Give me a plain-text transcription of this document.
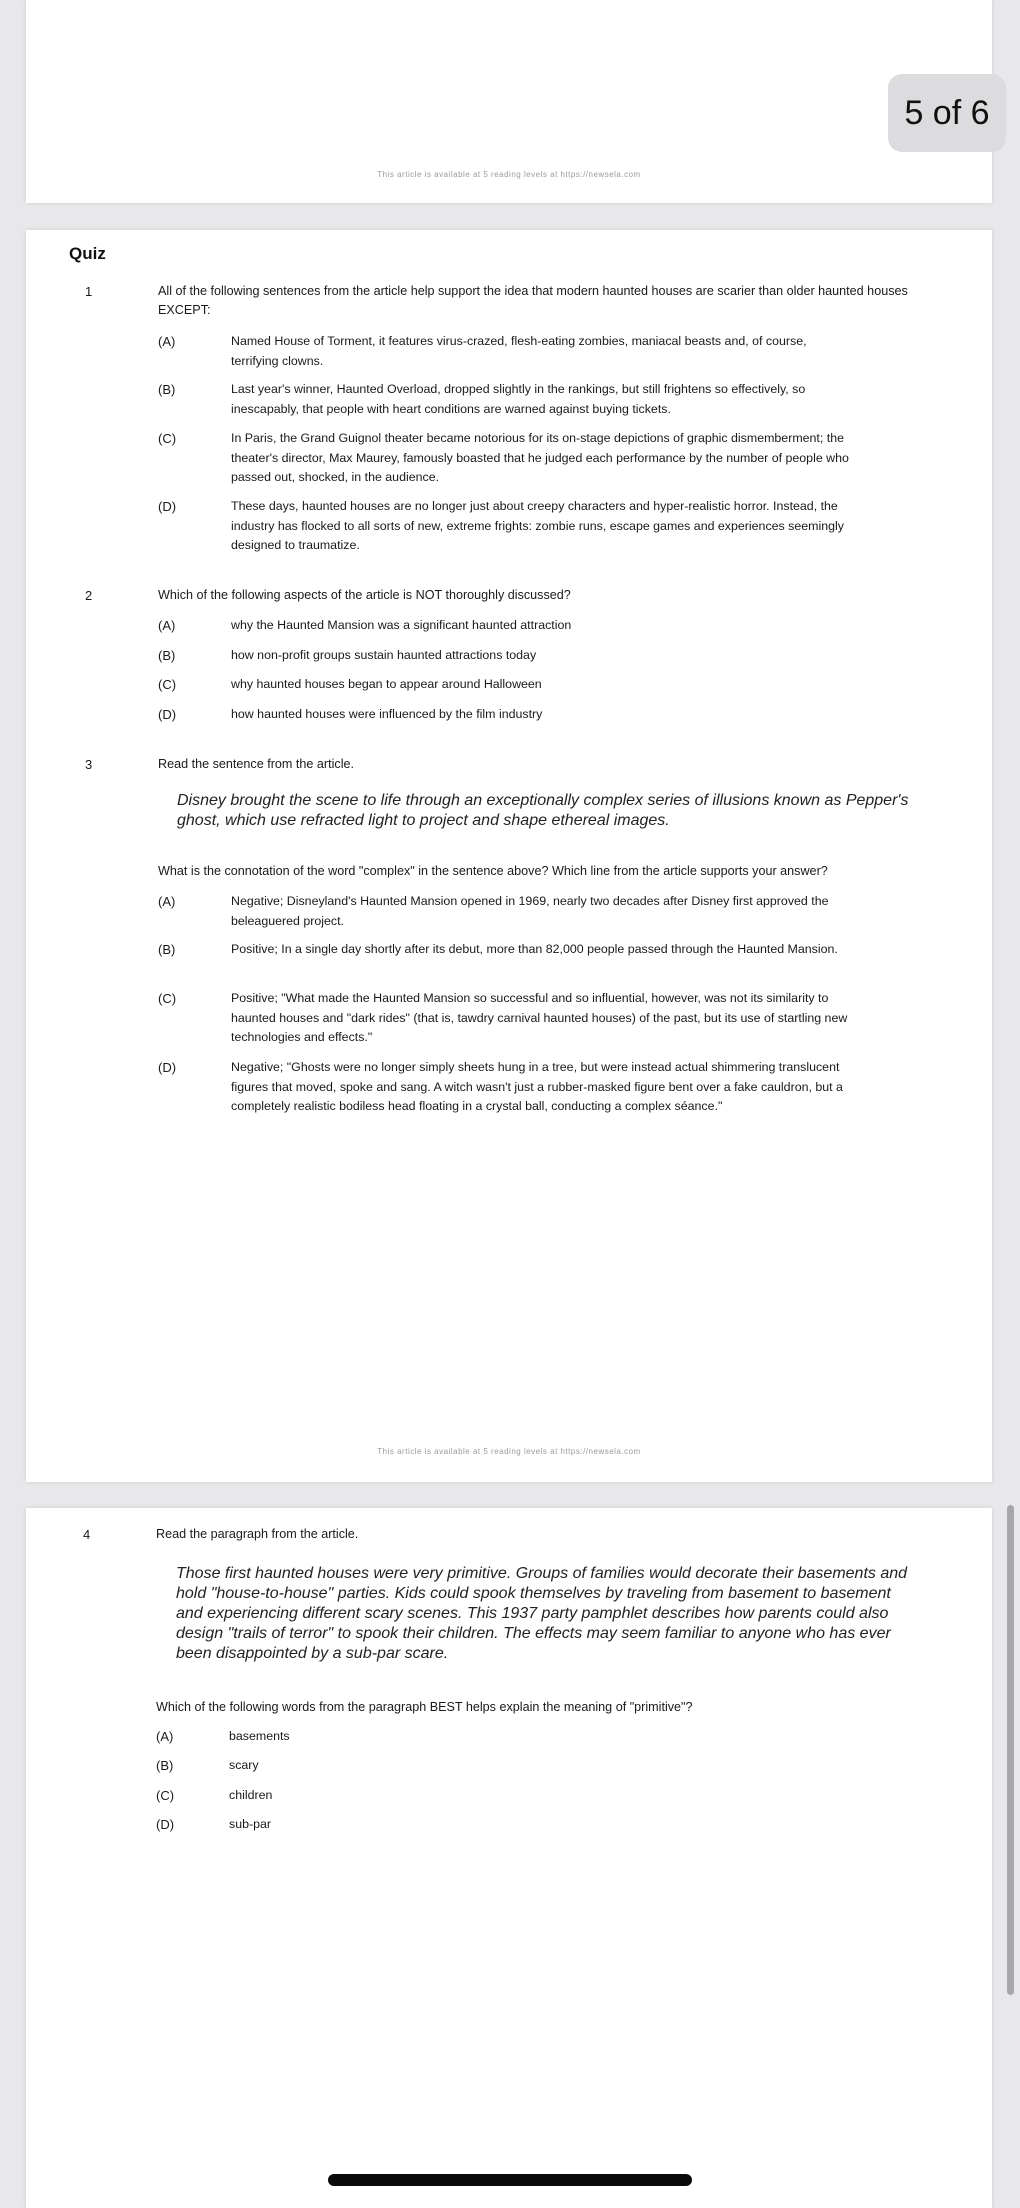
This article is available at 5 reading levels at https://newsela.com
5 of 6
Quiz
1	All of the following sentences from the article help support the idea that modern haunted houses are scarier than older haunted houses EXCEPT:
(A)	Named House of Torment, it features virus-crazed, flesh-eating zombies, maniacal beasts and, of course, terrifying clowns.
(B)	Last year's winner, Haunted Overload, dropped slightly in the rankings, but still frightens so effectively, so inescapably, that people with heart conditions are warned against buying tickets.
(C)	In Paris, the Grand Guignol theater became notorious for its on-stage depictions of graphic dismemberment; the theater's director, Max Maurey, famously boasted that he judged each performance by the number of people who passed out, shocked, in the audience.
(D)	These days, haunted houses are no longer just about creepy characters and hyper-realistic horror. Instead, the industry has flocked to all sorts of new, extreme frights: zombie runs, escape games and experiences seemingly designed to traumatize.
2	Which of the following aspects of the article is NOT thoroughly discussed?
(A)	why the Haunted Mansion was a significant haunted attraction
(B)	how non-profit groups sustain haunted attractions today
(C)	why haunted houses began to appear around Halloween
(D)	how haunted houses were influenced by the film industry
3	Read the sentence from the article.
Disney brought the scene to life through an exceptionally complex series of illusions known as Pepper's ghost, which use refracted light to project and shape ethereal images.
What is the connotation of the word "complex" in the sentence above? Which line from the article supports your answer?
(A)	Negative; Disneyland's Haunted Mansion opened in 1969, nearly two decades after Disney first approved the beleaguered project.
(B)	Positive; In a single day shortly after its debut, more than 82,000 people passed through the Haunted Mansion.
(C)	Positive; "What made the Haunted Mansion so successful and so influential, however, was not its similarity to haunted houses and "dark rides" (that is, tawdry carnival haunted houses) of the past, but its use of startling new technologies and effects."
(D)	Negative; "Ghosts were no longer simply sheets hung in a tree, but were instead actual shimmering translucent figures that moved, spoke and sang. A witch wasn't just a rubber-masked figure bent over a fake cauldron, but a completely realistic bodiless head floating in a crystal ball, conducting a complex séance."
This article is available at 5 reading levels at https://newsela.com
4	Read the paragraph from the article.
Those first haunted houses were very primitive. Groups of families would decorate their basements and hold "house-to-house" parties. Kids could spook themselves by traveling from basement to basement and experiencing different scary scenes. This 1937 party pamphlet describes how parents could also design "trails of terror" to spook their children. The effects may seem familiar to anyone who has ever been disappointed by a sub-par scare.
Which of the following words from the paragraph BEST helps explain the meaning of "primitive"?
(A)	basements
(B)	scary
(C)	children
(D)	sub-par
